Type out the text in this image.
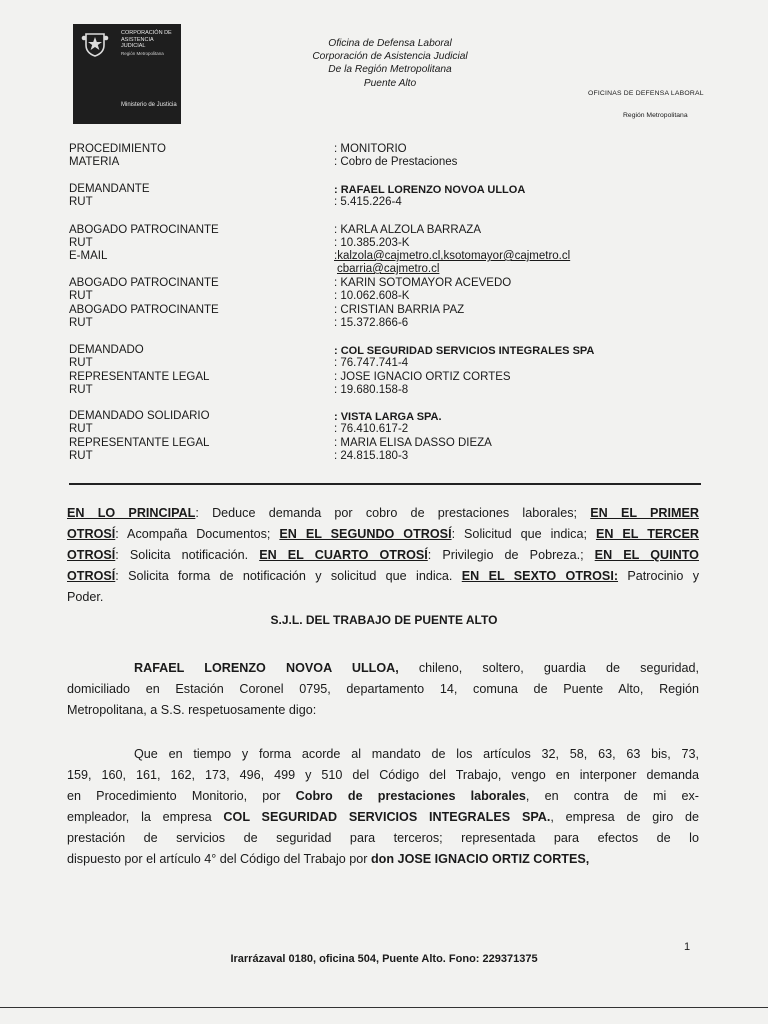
CORPORACIÓN DE ASISTENCIA JUDICIAL
Región Metropolitana
Ministerio de Justicia
Oficina de Defensa Laboral
Corporación de Asistencia Judicial
De la Región Metropolitana
Puente Alto
OFICINAS DE DEFENSA LABORAL
Región Metropolitana
PROCEDIMIENTO
MATERIA
DEMANDANTE
RUT
ABOGADO PATROCINANTE
RUT
E-MAIL
ABOGADO PATROCINANTE
RUT
ABOGADO PATROCINANTE
RUT
DEMANDADO
RUT
REPRESENTANTE LEGAL
RUT
DEMANDADO SOLIDARIO
RUT
REPRESENTANTE LEGAL
RUT
: MONITORIO
: Cobro de Prestaciones
: RAFAEL LORENZO NOVOA ULLOA
: 5.415.226-4
: KARLA ALZOLA BARRAZA
: 10.385.203-K
:kalzola@cajmetro.cl,ksotomayor@cajmetro.cl
cbarria@cajmetro.cl
: KARIN SOTOMAYOR ACEVEDO
: 10.062.608-K
: CRISTIAN BARRIA PAZ
: 15.372.866-6
: COL SEGURIDAD SERVICIOS INTEGRALES SPA
: 76.747.741-4
: JOSE IGNACIO ORTIZ CORTES
: 19.680.158-8
: VISTA LARGA SPA.
: 76.410.617-2
: MARIA ELISA DASSO DIEZA
: 24.815.180-3
EN LO PRINCIPAL: Deduce demanda por cobro de prestaciones laborales; EN EL PRIMER
OTROSÍ: Acompaña Documentos; EN EL SEGUNDO OTROSÍ: Solicitud que indica; EN EL TERCER
OTROSÍ: Solicita notificación. EN EL CUARTO OTROSÍ: Privilegio de Pobreza.; EN EL QUINTO
OTROSÍ: Solicita forma de notificación y solicitud que indica. EN EL SEXTO OTROSI: Patrocinio y
Poder.
S.J.L. DEL TRABAJO DE PUENTE ALTO
RAFAEL LORENZO NOVOA ULLOA, chileno, soltero, guardia de seguridad,
domiciliado en Estación Coronel 0795, departamento 14, comuna de Puente Alto, Región
Metropolitana, a S.S. respetuosamente digo:
Que en tiempo y forma acorde al mandato de los artículos 32, 58, 63, 63 bis, 73,
159, 160, 161, 162, 173, 496, 499 y 510 del Código del Trabajo, vengo en interponer demanda
en Procedimiento Monitorio, por Cobro de prestaciones laborales, en contra de mi ex-
empleador, la empresa COL SEGURIDAD SERVICIOS INTEGRALES SPA., empresa de giro de
prestación de servicios de seguridad para terceros; representada para efectos de lo
dispuesto por el artículo 4° del Código del Trabajo por don JOSE IGNACIO ORTIZ CORTES,
1
Irarrázaval 0180, oficina 504, Puente Alto. Fono: 229371375
